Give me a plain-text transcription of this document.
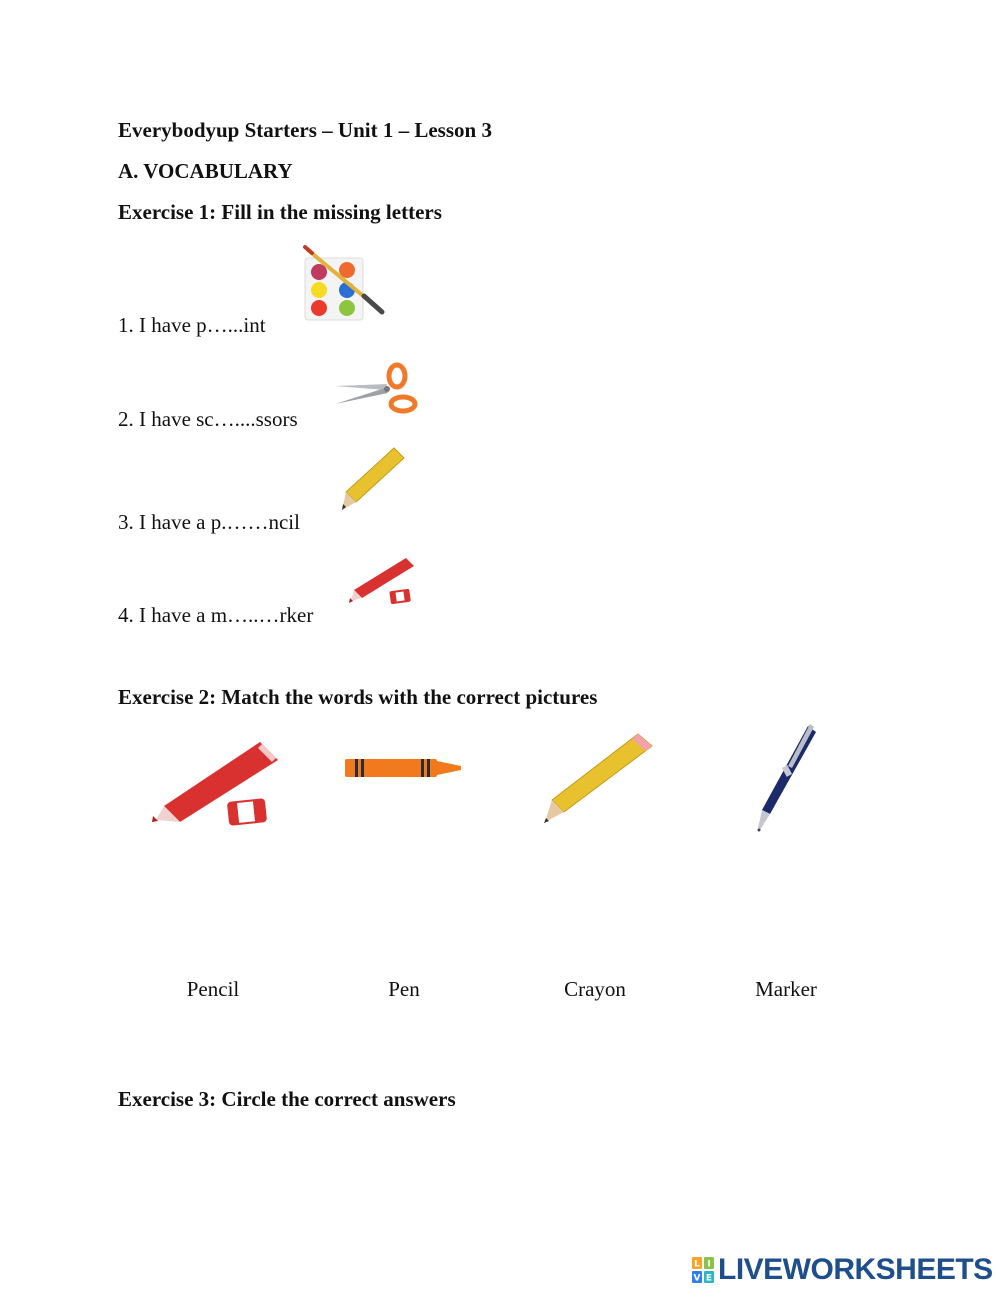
Everybodyup Starters – Unit 1 – Lesson 3
A. VOCABULARY
Exercise 1: Fill in the missing letters
1. I have p…...int
2. I have sc…....ssors
3. I have a p.……ncil
4. I have a m…..…rker
Exercise 2: Match the words with the correct pictures
Pencil	Pen	Crayon	Marker
Exercise 3: Circle the correct answers
L I
V E LIVEWORKSHEETS
